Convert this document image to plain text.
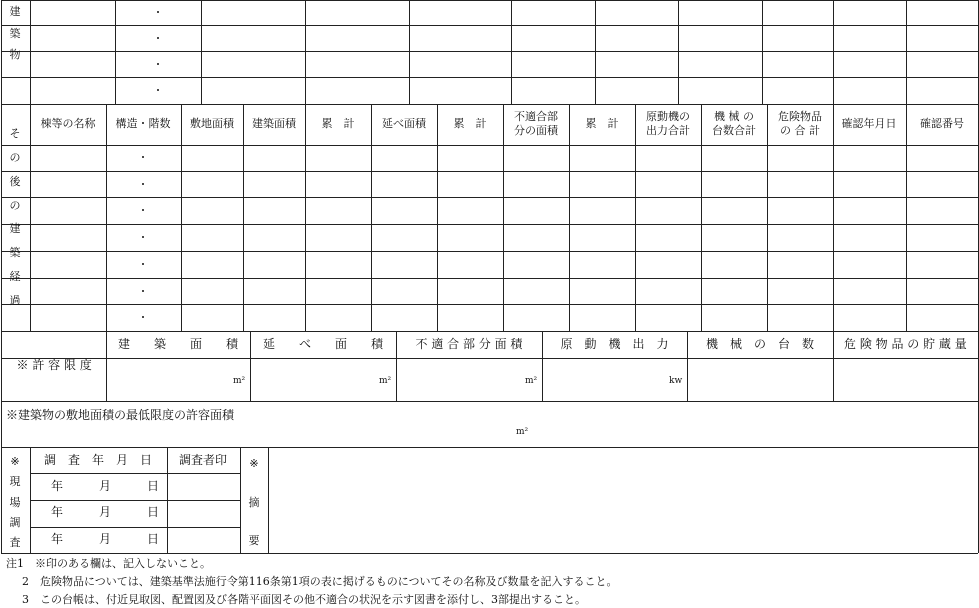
建
築
物
棟等の名称 構造・階数 敷地面積 建築面積 累　計	延べ面積	累　計
不適合部
分の面積
累　計
原動機の
出力合計
機 械 の
台数合計
危険物品
の 合 計
確認年月日 確認番号
そ
の
後
の
建
築
経
過
※ 許 容 限 度
建　　築　　面　　積
m²
延　　べ　　面　　積
m²
不 適 合 部 分 面 積
m²
原　動　機　出　力
kw
機　械　の　台　数 危 険 物 品 の 貯 蔵 量
※建築物の敷地面積の最低限度の許容面積
m²
※
現
場
調
査
調　査　年　月　日 調査者印
年　　　月　　　日
年　　　月　　　日
年　　　月　　　日
※
摘
要
注1　※印のある欄は、記入しないこと。
2　危険物品については、建築基準法施行令第116条第1項の表に掲げるものについてその名称及び数量を記入すること。
3　この台帳は、付近見取図、配置図及び各階平面図その他不適合の状況を示す図書を添付し、3部提出すること。
